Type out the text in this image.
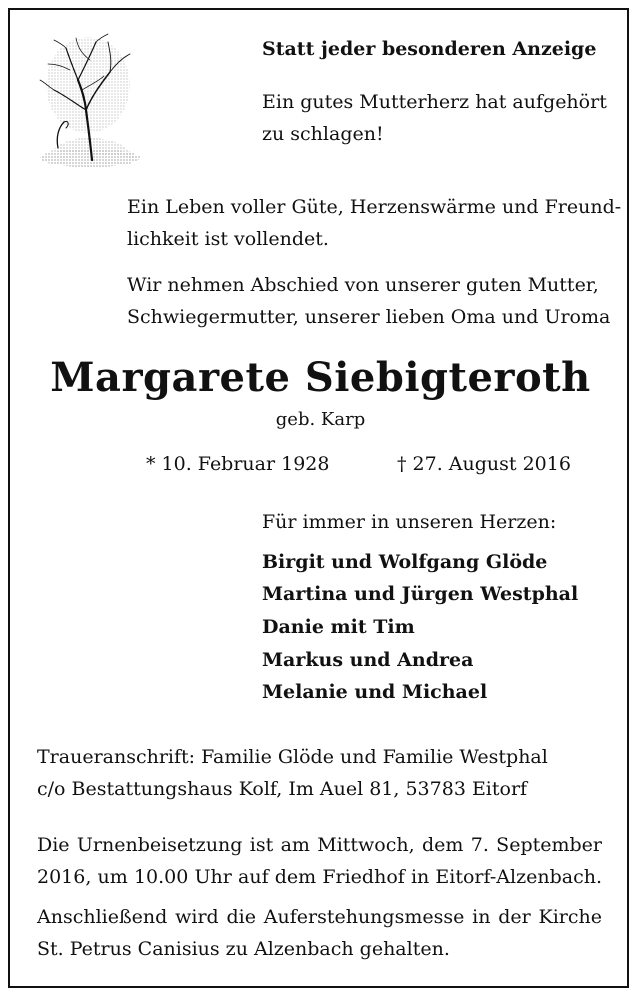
Statt jeder besonderen Anzeige
Ein gutes Mutterherz hat aufgehört
zu schlagen!
Ein Leben voller Güte, Herzenswärme und Freund-
lichkeit ist vollendet.
Wir nehmen Abschied von unserer guten Mutter,
Schwiegermutter, unserer lieben Oma und Uroma
Margarete Siebigteroth
geb. Karp
* 10. Februar 1928	† 27. August 2016
Für immer in unseren Herzen:
Birgit und Wolfgang Glöde
Martina und Jürgen Westphal
Danie mit Tim
Markus und Andrea
Melanie und Michael
Traueranschrift: Familie Glöde und Familie Westphal
c/o Bestattungshaus Kolf, Im Auel 81, 53783 Eitorf
Die Urnenbeisetzung ist am Mittwoch, dem 7. September
2016, um 10.00 Uhr auf dem Friedhof in Eitorf-Alzenbach.
Anschließend wird die Auferstehungsmesse in der Kirche
St. Petrus Canisius zu Alzenbach gehalten.
